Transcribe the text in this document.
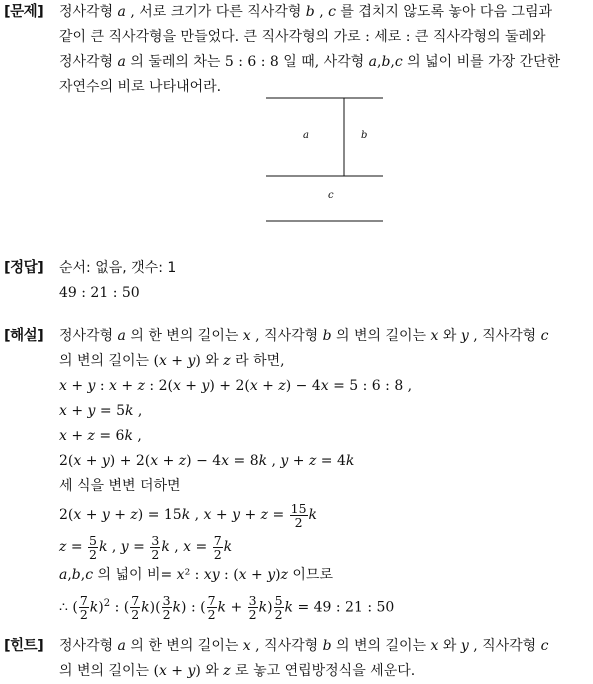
[문제] 정사각형 𝑎 , 서로 크기가 다른 직사각형 𝑏 , 𝑐 를 겹치지 않도록 놓아 다음 그림과
같이 큰 직사각형을 만들었다. 큰 직사각형의 가로 : 세로 : 큰 직사각형의 둘레와
정사각형 𝑎 의 둘레의 차는 5 : 6 : 8 일 때, 사각형 𝑎,𝑏,𝑐 의 넓이 비를 가장 간단한
자연수의 비로 나타내어라.
a	b
c
[정답] 순서: 없음, 갯수: 1
49 : 21 : 50
[해설] 정사각형 𝑎 의 한 변의 길이는 𝑥 , 직사각형 𝑏 의 변의 길이는 𝑥 와 𝑦 , 직사각형 𝑐
의 변의 길이는 (𝑥 + 𝑦) 와 𝑧 라 하면,
𝑥 + 𝑦 : 𝑥 + 𝑧 : 2(𝑥 + 𝑦) + 2(𝑥 + 𝑧) − 4𝑥 = 5 : 6 : 8 ,
𝑥 + 𝑦 = 5𝑘 ,
𝑥 + 𝑧 = 6𝑘 ,
2(𝑥 + 𝑦) + 2(𝑥 + 𝑧) − 4𝑥 = 8𝑘 , 𝑦 + 𝑧 = 4𝑘
세 식을 변변 더하면
2(𝑥 + 𝑦 + 𝑧) = 15𝑘 , 𝑥 + 𝑦 + 𝑧 = $\frac{15}{2}$ 𝑘
𝑧 = $\frac{5}{2}$ 𝑘 , 𝑦 = $\frac{3}{2}$ 𝑘 , 𝑥 = $\frac{7}{2}$ 𝑘
𝑎,𝑏,𝑐 의 넓이 비= 𝑥² : 𝑥𝑦 : (𝑥 + 𝑦)𝑧 이므로
∴ ( $\frac{7}{2} k)^2$ : ( $\frac{7}{2} k)( \frac{3}{2} k)$ : ( $\frac{7}{2}$ $k + \frac{3}{2} k) \frac{5}{2}$ 𝑘 = 49 : 21 : 50
[힌트] 정사각형 𝑎 의 한 변의 길이는 𝑥 , 직사각형 𝑏 의 변의 길이는 𝑥 와 𝑦 , 직사각형 𝑐
의 변의 길이는 (𝑥 + 𝑦) 와 𝑧 로 놓고 연립방정식을 세운다.
